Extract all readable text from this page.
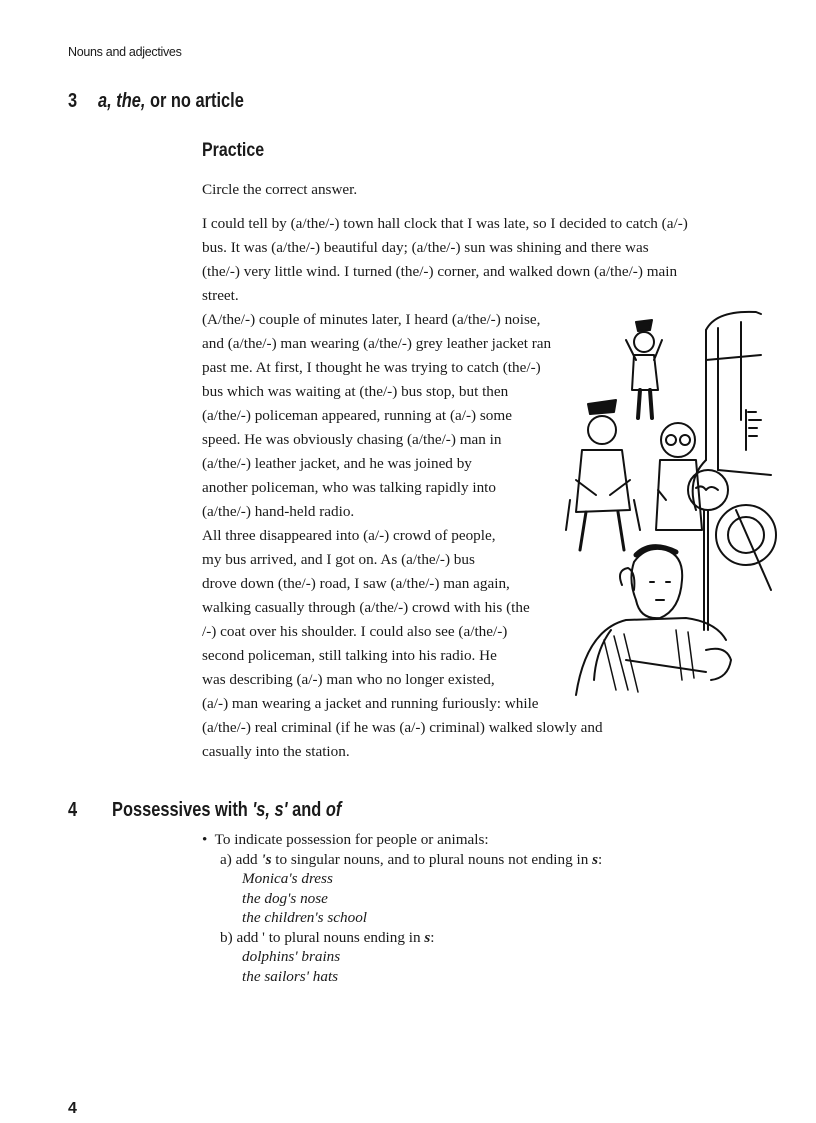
Nouns and adjectives
3 a, the, or no article
Practice
Circle the correct answer.

I could tell by (a/the/-) town hall clock that I was late, so I decided to catch (a/-)
bus. It was (a/the/-) beautiful day; (a/the/-) sun was shining and there was
(the/-) very little wind. I turned (the/-) corner, and walked down (a/the/-) main
street.

(A/the/-) couple of minutes later, I heard (a/the/-) noise,
and (a/the/-) man wearing (a/the/-) grey leather jacket ran
past me. At first, I thought he was trying to catch (the/-)
bus which was waiting at (the/-) bus stop, but then
(a/the/-) policeman appeared, running at (a/-) some
speed. He was obviously chasing (a/the/-) man in
(a/the/-) leather jacket, and he was joined by
another policeman, who was talking rapidly into
(a/the/-) hand-held radio.

All three disappeared into (a/-) crowd of people,
my bus arrived, and I got on. As (a/the/-) bus
drove down (the/-) road, I saw (a/the/-) man again,
walking casually through (a/the/-) crowd with his (the
/-) coat over his shoulder. I could also see (a/the/-)
second policeman, still talking into his radio. He
was describing (a/-) man who no longer existed,
(a/-) man wearing a jacket and running furiously: while
(a/the/-) real criminal (if he was (a/-) criminal) walked slowly and
casually into the station.

4 Possessives with 's, s' and of
• To indicate possession for people or animals:
a) add 's to singular nouns, and to plural nouns not ending in s:
Monica's dress
the dog's nose
the children's school
b) add ' to plural nouns ending in s:
dolphins' brains
the sailors' hats
4
